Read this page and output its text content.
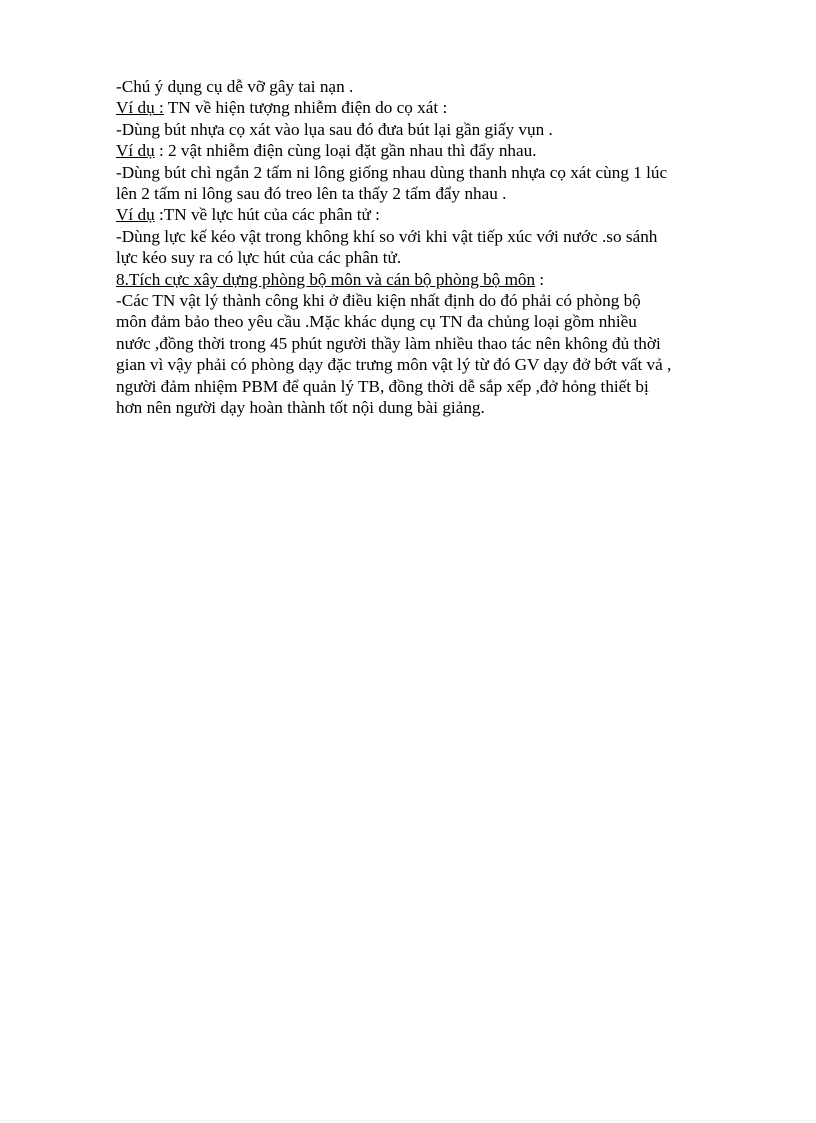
-Chú ý dụng cụ dễ vỡ gây tai nạn .
Ví dụ : TN về hiện tượng nhiễm điện do cọ xát :
-Dùng bút nhựa cọ xát vào lụa sau đó đưa bút lại gần giấy vụn .
Ví dụ : 2 vật nhiễm điện cùng loại đặt gần nhau thì đẩy nhau.
-Dùng bút chì ngắn 2 tấm ni lông giống nhau dùng thanh nhựa cọ xát cùng 1 lúc
lên 2 tấm ni lông sau đó treo lên ta thấy 2 tấm đẩy nhau .
Ví dụ :TN về lực hút của các phân tử :
-Dùng lực kế kéo vật trong không khí so với khi vật tiếp xúc với nước .so sánh
lực kéo suy ra có lực hút của các phân tử.
8.Tích cực xây dựng phòng bộ môn và cán bộ phòng bộ môn :
-Các TN vật lý thành công khi ở điều kiện nhất định do đó phải có phòng bộ
môn đảm bảo theo yêu cầu .Mặc khác dụng cụ TN đa chủng loại gồm nhiều
nước ,đồng thời trong 45 phút người thầy làm nhiều thao tác nên không đủ thời
gian vì vậy phải có phòng dạy đặc trưng môn vật lý từ đó GV dạy đở bớt vất vả ,
người đảm nhiệm PBM để quản lý TB, đồng thời dễ sắp xếp ,đở hỏng thiết bị
hơn nên người dạy hoàn thành tốt nội dung bài giảng.
